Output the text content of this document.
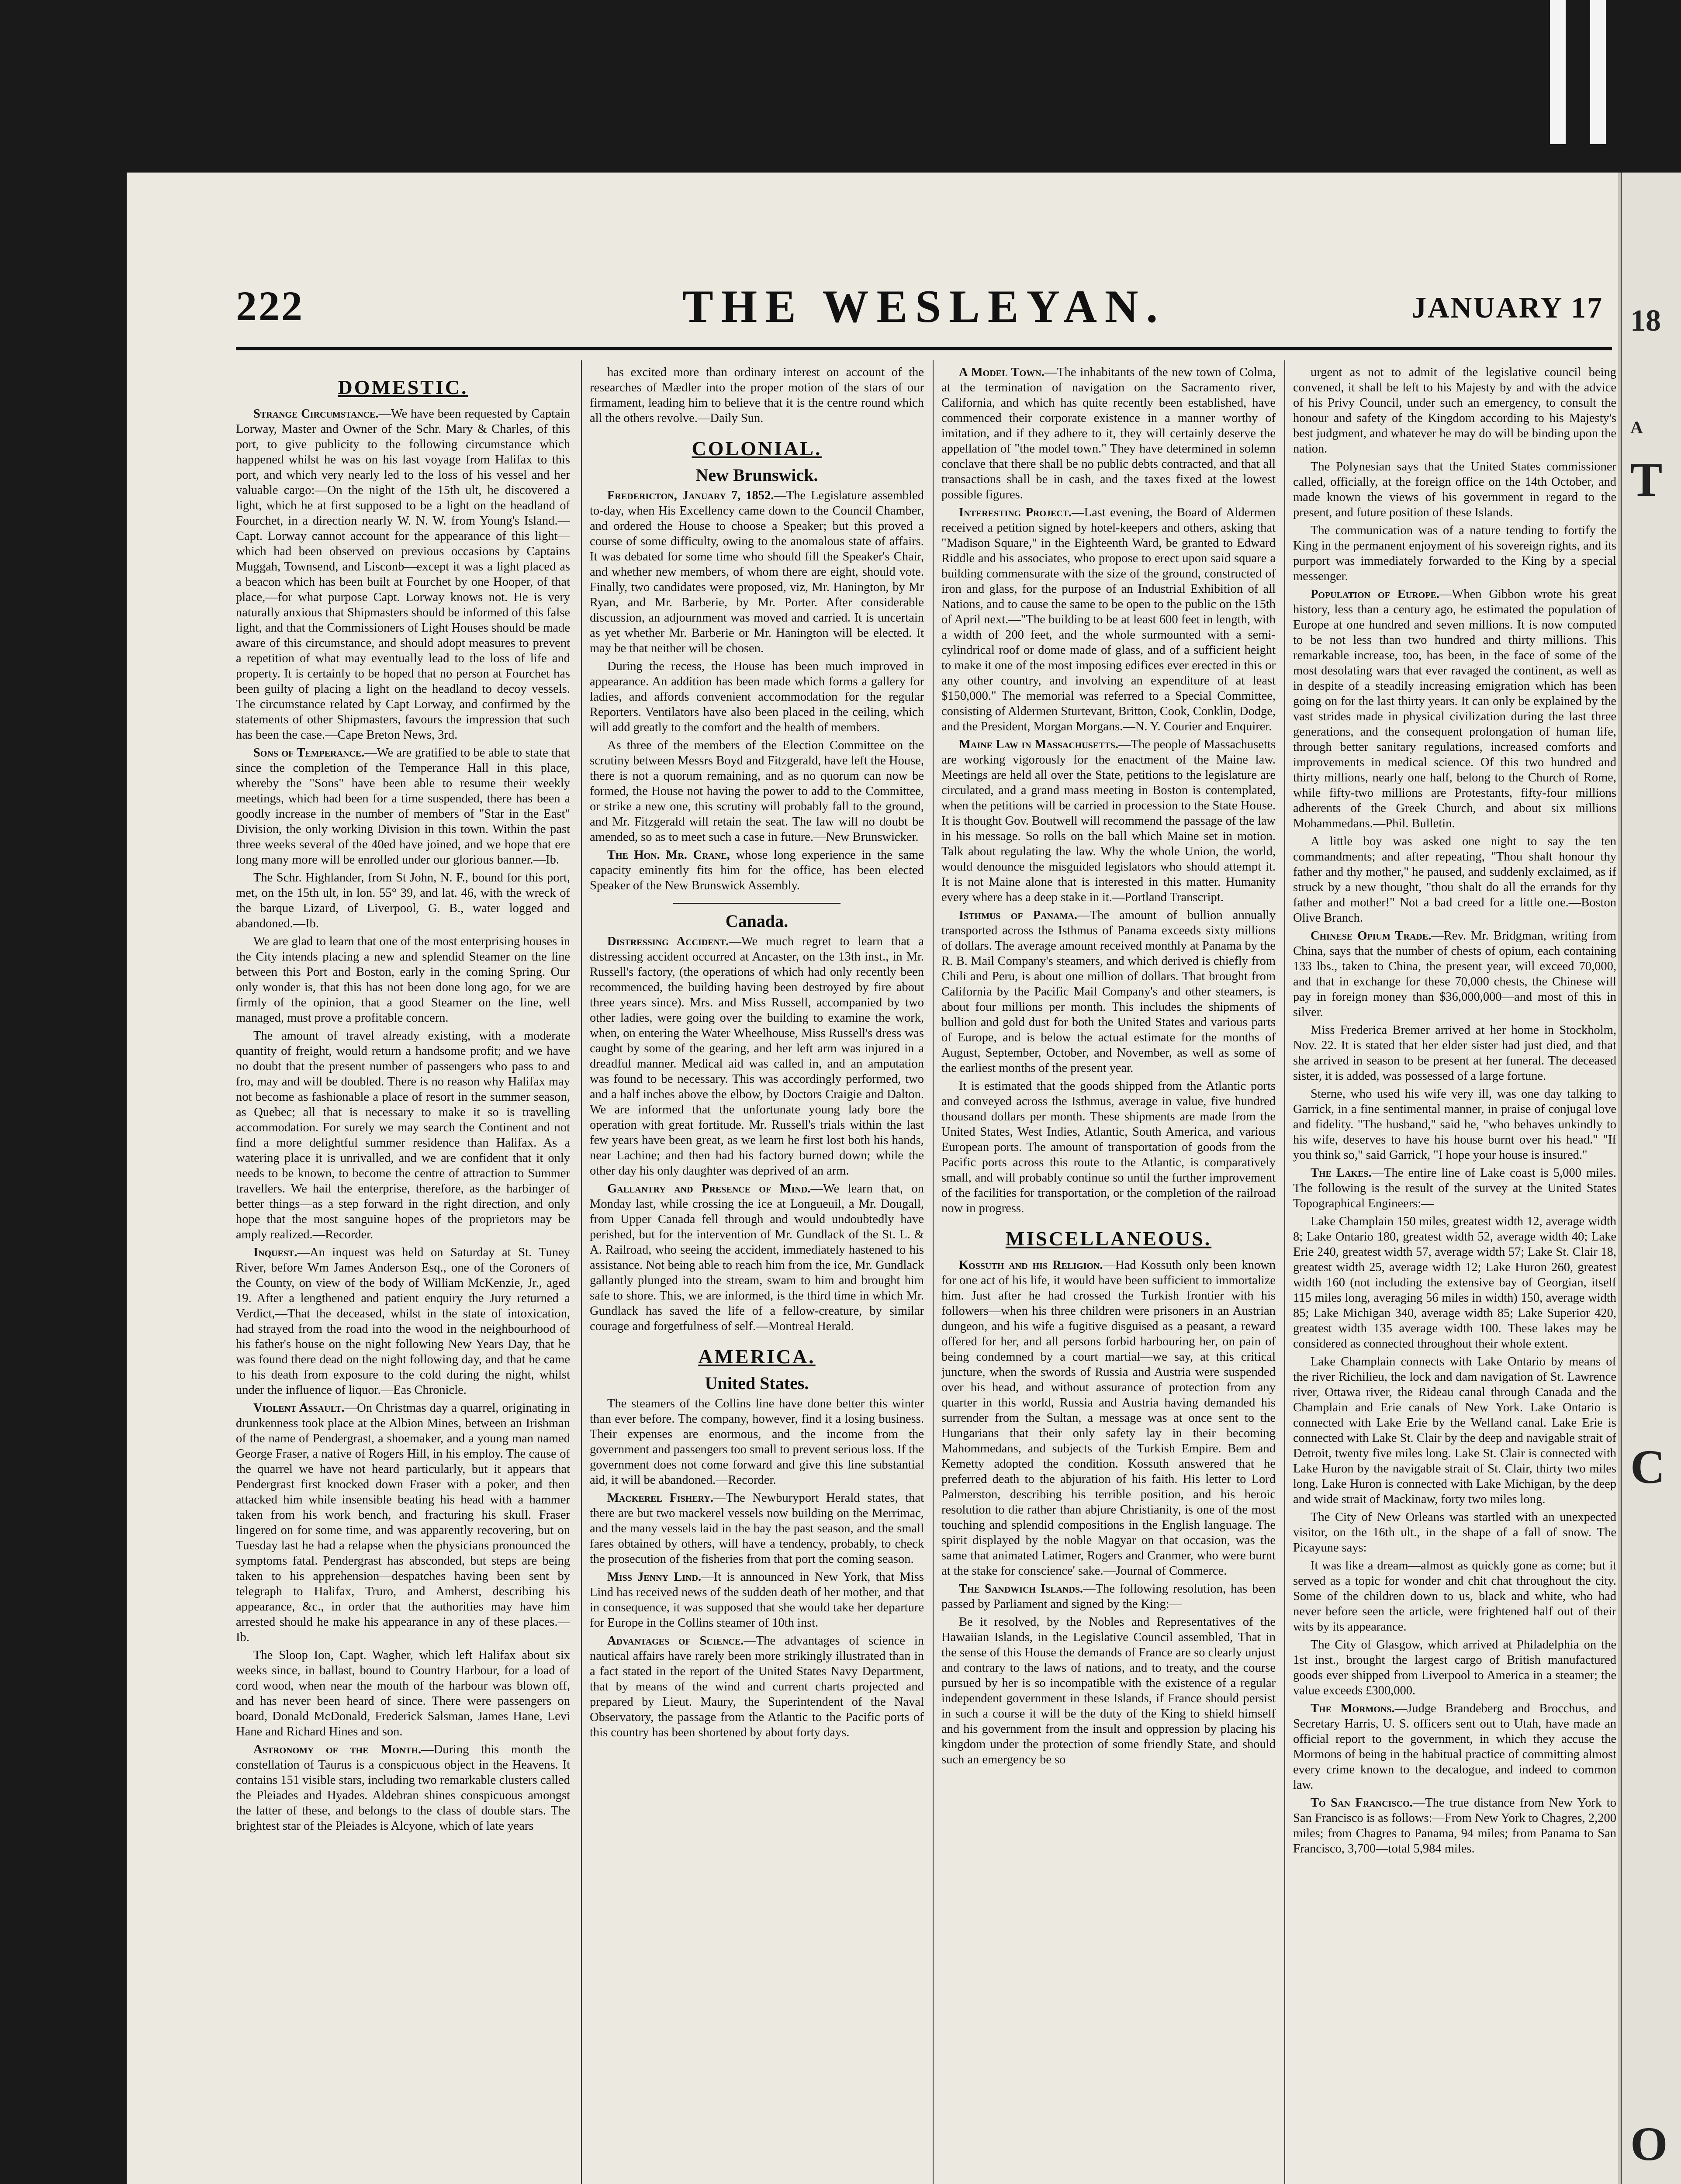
222	THE WESLEYAN.	JANUARY 17
DOMESTIC.

Strange Circumstance.—We have been requested by Captain Lorway, Master and Owner of the Schr. Mary & Charles, of this port, to give publicity to the following circumstance which happened whilst he was on his last voyage from Halifax to this port, and which very nearly led to the loss of his vessel and her valuable cargo:—On the night of the 15th ult, he discovered a light, which he at first supposed to be a light on the headland of Fourchet, in a direction nearly W. N. W. from Young's Island.—Capt. Lorway cannot account for the appearance of this light—which had been observed on previous occasions by Captains Muggah, Townsend, and Lisconb—except it was a light placed as a beacon which has been built at Fourchet by one Hooper, of that place,—for what purpose Capt. Lorway knows not. He is very naturally anxious that Shipmasters should be informed of this false light, and that the Commissioners of Light Houses should be made aware of this circumstance, and should adopt measures to prevent a repetition of what may eventually lead to the loss of life and property. It is certainly to be hoped that no person at Fourchet has been guilty of placing a light on the headland to decoy vessels. The circumstance related by Capt Lorway, and confirmed by the statements of other Shipmasters, favours the impression that such has been the case.—Cape Breton News, 3rd.

Sons of Temperance.—We are gratified to be able to state that since the completion of the Temperance Hall in this place, whereby the "Sons" have been able to resume their weekly meetings, which had been for a time suspended, there has been a goodly increase in the number of members of "Star in the East" Division, the only working Division in this town. Within the past three weeks several of the 40ed have joined, and we hope that ere long many more will be enrolled under our glorious banner.—Ib.

The Schr. Highlander, from St John, N. F., bound for this port, met, on the 15th ult, in lon. 55° 39, and lat. 46, with the wreck of the barque Lizard, of Liverpool, G. B., water logged and abandoned.—Ib.

We are glad to learn that one of the most enterprising houses in the City intends placing a new and splendid Steamer on the line between this Port and Boston, early in the coming Spring. Our only wonder is, that this has not been done long ago, for we are firmly of the opinion, that a good Steamer on the line, well managed, must prove a profitable concern.

The amount of travel already existing, with a moderate quantity of freight, would return a handsome profit; and we have no doubt that the present number of passengers who pass to and fro, may and will be doubled. There is no reason why Halifax may not become as fashionable a place of resort in the summer season, as Quebec; all that is necessary to make it so is travelling accommodation. For surely we may search the Continent and not find a more delightful summer residence than Halifax. As a watering place it is unrivalled, and we are confident that it only needs to be known, to become the centre of attraction to Summer travellers. We hail the enterprise, therefore, as the harbinger of better things—as a step forward in the right direction, and only hope that the most sanguine hopes of the proprietors may be amply realized.—Recorder.

Inquest.—An inquest was held on Saturday at St. Tuney River, before Wm James Anderson Esq., one of the Coroners of the County, on view of the body of William McKenzie, Jr., aged 19. After a lengthened and patient enquiry the Jury returned a Verdict,—That the deceased, whilst in the state of intoxication, had strayed from the road into the wood in the neighbourhood of his father's house on the night following New Years Day, that he was found there dead on the night following day, and that he came to his death from exposure to the cold during the night, whilst under the influence of liquor.—Eas Chronicle.

Violent Assault.—On Christmas day a quarrel, originating in drunkenness took place at the Albion Mines, between an Irishman of the name of Pendergrast, a shoemaker, and a young man named George Fraser, a native of Rogers Hill, in his employ. The cause of the quarrel we have not heard particularly, but it appears that Pendergrast first knocked down Fraser with a poker, and then attacked him while insensible beating his head with a hammer taken from his work bench, and fracturing his skull. Fraser lingered on for some time, and was apparently recovering, but on Tuesday last he had a relapse when the physicians pronounced the symptoms fatal. Pendergrast has absconded, but steps are being taken to his apprehension—despatches having been sent by telegraph to Halifax, Truro, and Amherst, describing his appearance, &c., in order that the authorities may have him arrested should he make his appearance in any of these places.—Ib.

The Sloop Ion, Capt. Wagher, which left Halifax about six weeks since, in ballast, bound to Country Harbour, for a load of cord wood, when near the mouth of the harbour was blown off, and has never been heard of since. There were passengers on board, Donald McDonald, Frederick Salsman, James Hane, Levi Hane and Richard Hines and son.

Astronomy of the Month.—During this month the constellation of Taurus is a conspicuous object in the Heavens. It contains 151 visible stars, including two remarkable clusters called the Pleiades and Hyades. Aldebran shines conspicuous amongst the latter of these, and belongs to the class of double stars. The brightest star of the Pleiades is Alcyone, which of late years

has excited more than ordinary interest on account of the researches of Mædler into the proper motion of the stars of our firmament, leading him to believe that it is the centre round which all the others revolve.—Daily Sun.

COLONIAL.
New Brunswick.

Fredericton, January 7, 1852.—The Legislature assembled to-day, when His Excellency came down to the Council Chamber, and ordered the House to choose a Speaker; but this proved a course of some difficulty, owing to the anomalous state of affairs. It was debated for some time who should fill the Speaker's Chair, and whether new members, of whom there are eight, should vote. Finally, two candidates were proposed, viz, Mr. Hanington, by Mr Ryan, and Mr. Barberie, by Mr. Porter. After considerable discussion, an adjournment was moved and carried. It is uncertain as yet whether Mr. Barberie or Mr. Hanington will be elected. It may be that neither will be chosen.

During the recess, the House has been much improved in appearance. An addition has been made which forms a gallery for ladies, and affords convenient accommodation for the regular Reporters. Ventilators have also been placed in the ceiling, which will add greatly to the comfort and the health of members.

As three of the members of the Election Committee on the scrutiny between Messrs Boyd and Fitzgerald, have left the House, there is not a quorum remaining, and as no quorum can now be formed, the House not having the power to add to the Committee, or strike a new one, this scrutiny will probably fall to the ground, and Mr. Fitzgerald will retain the seat. The law will no doubt be amended, so as to meet such a case in future.—New Brunswicker.

The Hon. Mr. Crane, whose long experience in the same capacity eminently fits him for the office, has been elected Speaker of the New Brunswick Assembly.

Canada.

Distressing Accident.—We much regret to learn that a distressing accident occurred at Ancaster, on the 13th inst., in Mr. Russell's factory, (the operations of which had only recently been recommenced, the building having been destroyed by fire about three years since). Mrs. and Miss Russell, accompanied by two other ladies, were going over the building to examine the work, when, on entering the Water Wheelhouse, Miss Russell's dress was caught by some of the gearing, and her left arm was injured in a dreadful manner. Medical aid was called in, and an amputation was found to be necessary. This was accordingly performed, two and a half inches above the elbow, by Doctors Craigie and Dalton. We are informed that the unfortunate young lady bore the operation with great fortitude. Mr. Russell's trials within the last few years have been great, as we learn he first lost both his hands, near Lachine; and then had his factory burned down; while the other day his only daughter was deprived of an arm.

Gallantry and Presence of Mind.—We learn that, on Monday last, while crossing the ice at Longueuil, a Mr. Dougall, from Upper Canada fell through and would undoubtedly have perished, but for the intervention of Mr. Gundlack of the St. L. & A. Railroad, who seeing the accident, immediately hastened to his assistance. Not being able to reach him from the ice, Mr. Gundlack gallantly plunged into the stream, swam to him and brought him safe to shore. This, we are informed, is the third time in which Mr. Gundlack has saved the life of a fellow-creature, by similar courage and forgetfulness of self.—Montreal Herald.

AMERICA.
United States.

The steamers of the Collins line have done better this winter than ever before. The company, however, find it a losing business. Their expenses are enormous, and the income from the government and passengers too small to prevent serious loss. If the government does not come forward and give this line substantial aid, it will be abandoned.—Recorder.

Mackerel Fishery.—The Newburyport Herald states, that there are but two mackerel vessels now building on the Merrimac, and the many vessels laid in the bay the past season, and the small fares obtained by others, will have a tendency, probably, to check the prosecution of the fisheries from that port the coming season.

Miss Jenny Lind.—It is announced in New York, that Miss Lind has received news of the sudden death of her mother, and that in consequence, it was supposed that she would take her departure for Europe in the Collins steamer of 10th inst.

Advantages of Science.—The advantages of science in nautical affairs have rarely been more strikingly illustrated than in a fact stated in the report of the United States Navy Department, that by means of the wind and current charts projected and prepared by Lieut. Maury, the Superintendent of the Naval Observatory, the passage from the Atlantic to the Pacific ports of this country has been shortened by about forty days.

A Model Town.—The inhabitants of the new town of Colma, at the termination of navigation on the Sacramento river, California, and which has quite recently been established, have commenced their corporate existence in a manner worthy of imitation, and if they adhere to it, they will certainly deserve the appellation of "the model town." They have determined in solemn conclave that there shall be no public debts contracted, and that all transactions shall be in cash, and the taxes fixed at the lowest possible figures.

Interesting Project.—Last evening, the Board of Aldermen received a petition signed by hotel-keepers and others, asking that "Madison Square," in the Eighteenth Ward, be granted to Edward Riddle and his associates, who propose to erect upon said square a building commensurate with the size of the ground, constructed of iron and glass, for the purpose of an Industrial Exhibition of all Nations, and to cause the same to be open to the public on the 15th of April next.—"The building to be at least 600 feet in length, with a width of 200 feet, and the whole surmounted with a semi-cylindrical roof or dome made of glass, and of a sufficient height to make it one of the most imposing edifices ever erected in this or any other country, and involving an expenditure of at least $150,000." The memorial was referred to a Special Committee, consisting of Aldermen Sturtevant, Britton, Cook, Conklin, Dodge, and the President, Morgan Morgans.—N. Y. Courier and Enquirer.

Maine Law in Massachusetts.—The people of Massachusetts are working vigorously for the enactment of the Maine law. Meetings are held all over the State, petitions to the legislature are circulated, and a grand mass meeting in Boston is contemplated, when the petitions will be carried in procession to the State House. It is thought Gov. Boutwell will recommend the passage of the law in his message. So rolls on the ball which Maine set in motion. Talk about regulating the law. Why the whole Union, the world, would denounce the misguided legislators who should attempt it. It is not Maine alone that is interested in this matter. Humanity every where has a deep stake in it.—Portland Transcript.

Isthmus of Panama.—The amount of bullion annually transported across the Isthmus of Panama exceeds sixty millions of dollars. The average amount received monthly at Panama by the R. B. Mail Company's steamers, and which derived is chiefly from Chili and Peru, is about one million of dollars. That brought from California by the Pacific Mail Company's and other steamers, is about four millions per month. This includes the shipments of bullion and gold dust for both the United States and various parts of Europe, and is below the actual estimate for the months of August, September, October, and November, as well as some of the earliest months of the present year.

It is estimated that the goods shipped from the Atlantic ports and conveyed across the Isthmus, average in value, five hundred thousand dollars per month. These shipments are made from the United States, West Indies, Atlantic, South America, and various European ports. The amount of transportation of goods from the Pacific ports across this route to the Atlantic, is comparatively small, and will probably continue so until the further improvement of the facilities for transportation, or the completion of the railroad now in progress.

MISCELLANEOUS.

Kossuth and his Religion.—Had Kossuth only been known for one act of his life, it would have been sufficient to immortalize him. Just after he had crossed the Turkish frontier with his followers—when his three children were prisoners in an Austrian dungeon, and his wife a fugitive disguised as a peasant, a reward offered for her, and all persons forbid harbouring her, on pain of being condemned by a court martial—we say, at this critical juncture, when the swords of Russia and Austria were suspended over his head, and without assurance of protection from any quarter in this world, Russia and Austria having demanded his surrender from the Sultan, a message was at once sent to the Hungarians that their only safety lay in their becoming Mahommedans, and subjects of the Turkish Empire. Bem and Kemetty adopted the condition. Kossuth answered that he preferred death to the abjuration of his faith. His letter to Lord Palmerston, describing his terrible position, and his heroic resolution to die rather than abjure Christianity, is one of the most touching and splendid compositions in the English language. The spirit displayed by the noble Magyar on that occasion, was the same that animated Latimer, Rogers and Cranmer, who were burnt at the stake for conscience' sake.—Journal of Commerce.

The Sandwich Islands.—The following resolution, has been passed by Parliament and signed by the King:—

Be it resolved, by the Nobles and Representatives of the Hawaiian Islands, in the Legislative Council assembled, That in the sense of this House the demands of France are so clearly unjust and contrary to the laws of nations, and to treaty, and the course pursued by her is so incompatible with the existence of a regular independent government in these Islands, if France should persist in such a course it will be the duty of the King to shield himself and his government from the insult and oppression by placing his kingdom under the protection of some friendly State, and should such an emergency be so

urgent as not to admit of the legislative council being convened, it shall be left to his Majesty by and with the advice of his Privy Council, under such an emergency, to consult the honour and safety of the Kingdom according to his Majesty's best judgment, and whatever he may do will be binding upon the nation.

The Polynesian says that the United States commissioner called, officially, at the foreign office on the 14th October, and made known the views of his government in regard to the present, and future position of these Islands.

The communication was of a nature tending to fortify the King in the permanent enjoyment of his sovereign rights, and its purport was immediately forwarded to the King by a special messenger.

Population of Europe.—When Gibbon wrote his great history, less than a century ago, he estimated the population of Europe at one hundred and seven millions. It is now computed to be not less than two hundred and thirty millions. This remarkable increase, too, has been, in the face of some of the most desolating wars that ever ravaged the continent, as well as in despite of a steadily increasing emigration which has been going on for the last thirty years. It can only be explained by the vast strides made in physical civilization during the last three generations, and the consequent prolongation of human life, through better sanitary regulations, increased comforts and improvements in medical science. Of this two hundred and thirty millions, nearly one half, belong to the Church of Rome, while fifty-two millions are Protestants, fifty-four millions adherents of the Greek Church, and about six millions Mohammedans.—Phil. Bulletin.

A little boy was asked one night to say the ten commandments; and after repeating, "Thou shalt honour thy father and thy mother," he paused, and suddenly exclaimed, as if struck by a new thought, "thou shalt do all the errands for thy father and mother!" Not a bad creed for a little one.—Boston Olive Branch.

Chinese Opium Trade.—Rev. Mr. Bridgman, writing from China, says that the number of chests of opium, each containing 133 lbs., taken to China, the present year, will exceed 70,000, and that in exchange for these 70,000 chests, the Chinese will pay in foreign money than $36,000,000—and most of this in silver.

Miss Frederica Bremer arrived at her home in Stockholm, Nov. 22. It is stated that her elder sister had just died, and that she arrived in season to be present at her funeral. The deceased sister, it is added, was possessed of a large fortune.

Sterne, who used his wife very ill, was one day talking to Garrick, in a fine sentimental manner, in praise of conjugal love and fidelity. "The husband," said he, "who behaves unkindly to his wife, deserves to have his house burnt over his head." "If you think so," said Garrick, "I hope your house is insured."

The Lakes.—The entire line of Lake coast is 5,000 miles. The following is the result of the survey at the United States Topographical Engineers:—

Lake Champlain 150 miles, greatest width 12, average width 8; Lake Ontario 180, greatest width 52, average width 40; Lake Erie 240, greatest width 57, average width 57; Lake St. Clair 18, greatest width 25, average width 12; Lake Huron 260, greatest width 160 (not including the extensive bay of Georgian, itself 115 miles long, averaging 56 miles in width) 150, average width 85; Lake Michigan 340, average width 85; Lake Superior 420, greatest width 135 average width 100. These lakes may be considered as connected throughout their whole extent.

Lake Champlain connects with Lake Ontario by means of the river Richilieu, the lock and dam navigation of St. Lawrence river, Ottawa river, the Rideau canal through Canada and the Champlain and Erie canals of New York. Lake Ontario is connected with Lake Erie by the Welland canal. Lake Erie is connected with Lake St. Clair by the deep and navigable strait of Detroit, twenty five miles long. Lake St. Clair is connected with Lake Huron by the navigable strait of St. Clair, thirty two miles long. Lake Huron is connected with Lake Michigan, by the deep and wide strait of Mackinaw, forty two miles long.

The City of New Orleans was startled with an unexpected visitor, on the 16th ult., in the shape of a fall of snow. The Picayune says:

It was like a dream—almost as quickly gone as come; but it served as a topic for wonder and chit chat throughout the city. Some of the children down to us, black and white, who had never before seen the article, were frightened half out of their wits by its appearance.

The City of Glasgow, which arrived at Philadelphia on the 1st inst., brought the largest cargo of British manufactured goods ever shipped from Liverpool to America in a steamer; the value exceeds £300,000.

The Mormons.—Judge Brandeberg and Brocchus, and Secretary Harris, U. S. officers sent out to Utah, have made an official report to the government, in which they accuse the Mormons of being in the habitual practice of committing almost every crime known to the decalogue, and indeed to common law.

To San Francisco.—The true distance from New York to San Francisco is as follows:—From New York to Chagres, 2,200 miles; from Chagres to Panama, 94 miles; from Panama to San Francisco, 3,700—total 5,984 miles.

18
A
T
C
O
